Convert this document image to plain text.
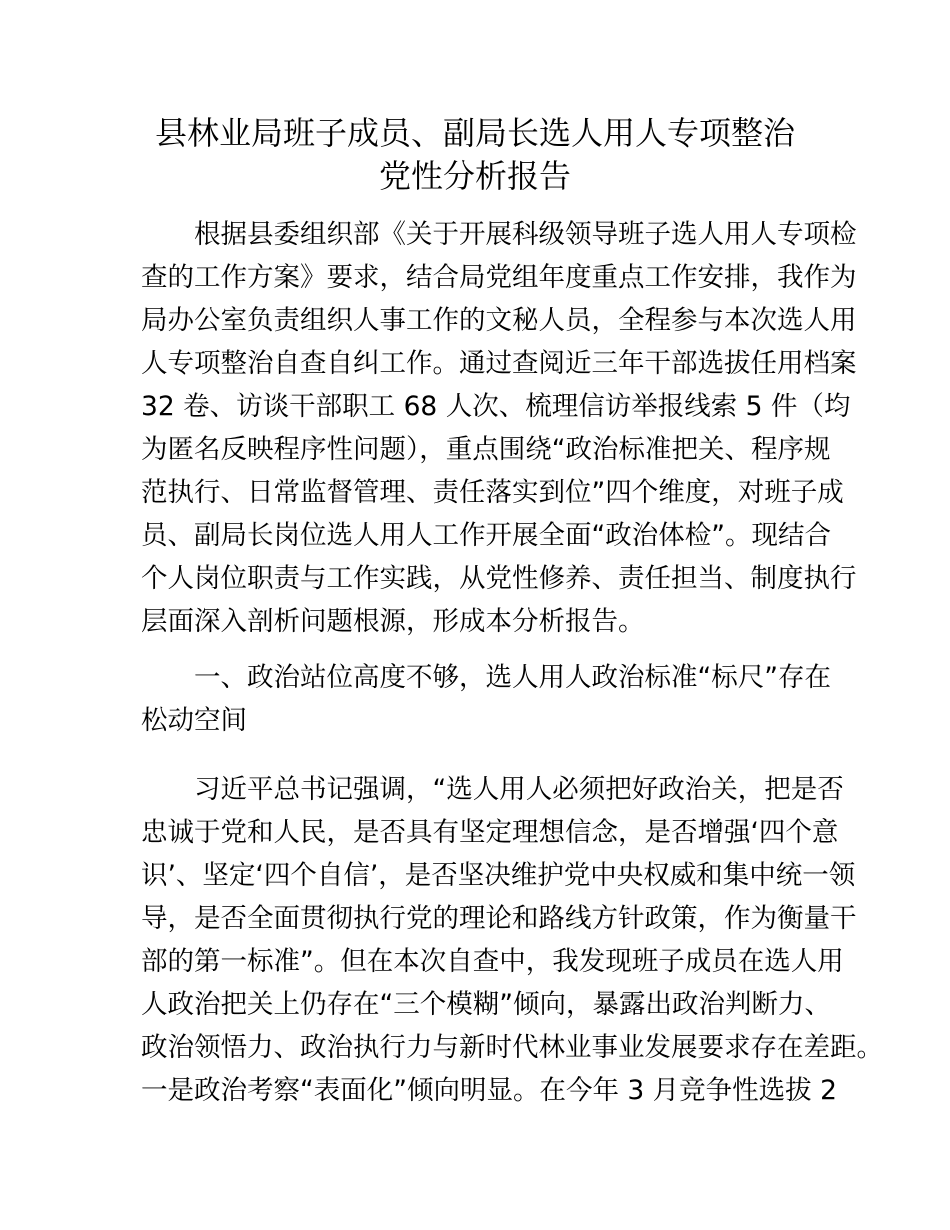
县林业局班子成员、副局长选人用人专项整治
党性分析报告
根据县委组织部《关于开展科级领导班子选人用人专项检
查的工作方案》要求，结合局党组年度重点工作安排，我作为
局办公室负责组织人事工作的文秘人员，全程参与本次选人用
人专项整治自查自纠工作。通过查阅近三年干部选拔任用档案
32 卷、访谈干部职工 68 人次、梳理信访举报线索 5 件（均
为匿名反映程序性问题），重点围绕“政治标准把关、程序规
范执行、日常监督管理、责任落实到位”四个维度，对班子成
员、副局长岗位选人用人工作开展全面“政治体检”。现结合
个人岗位职责与工作实践，从党性修养、责任担当、制度执行
层面深入剖析问题根源，形成本分析报告。
一、政治站位高度不够，选人用人政治标准“标尺”存在
松动空间
习近平总书记强调，“选人用人必须把好政治关，把是否
忠诚于党和人民，是否具有坚定理想信念，是否增强‘四个意
识’、坚定‘四个自信’，是否坚决维护党中央权威和集中统一领
导，是否全面贯彻执行党的理论和路线方针政策，作为衡量干
部的第一标准”。但在本次自查中，我发现班子成员在选人用
人政治把关上仍存在“三个模糊”倾向，暴露出政治判断力、
政治领悟力、政治执行力与新时代林业事业发展要求存在差距。
一是政治考察“表面化”倾向明显。在今年 3 月竞争性选拔 2
